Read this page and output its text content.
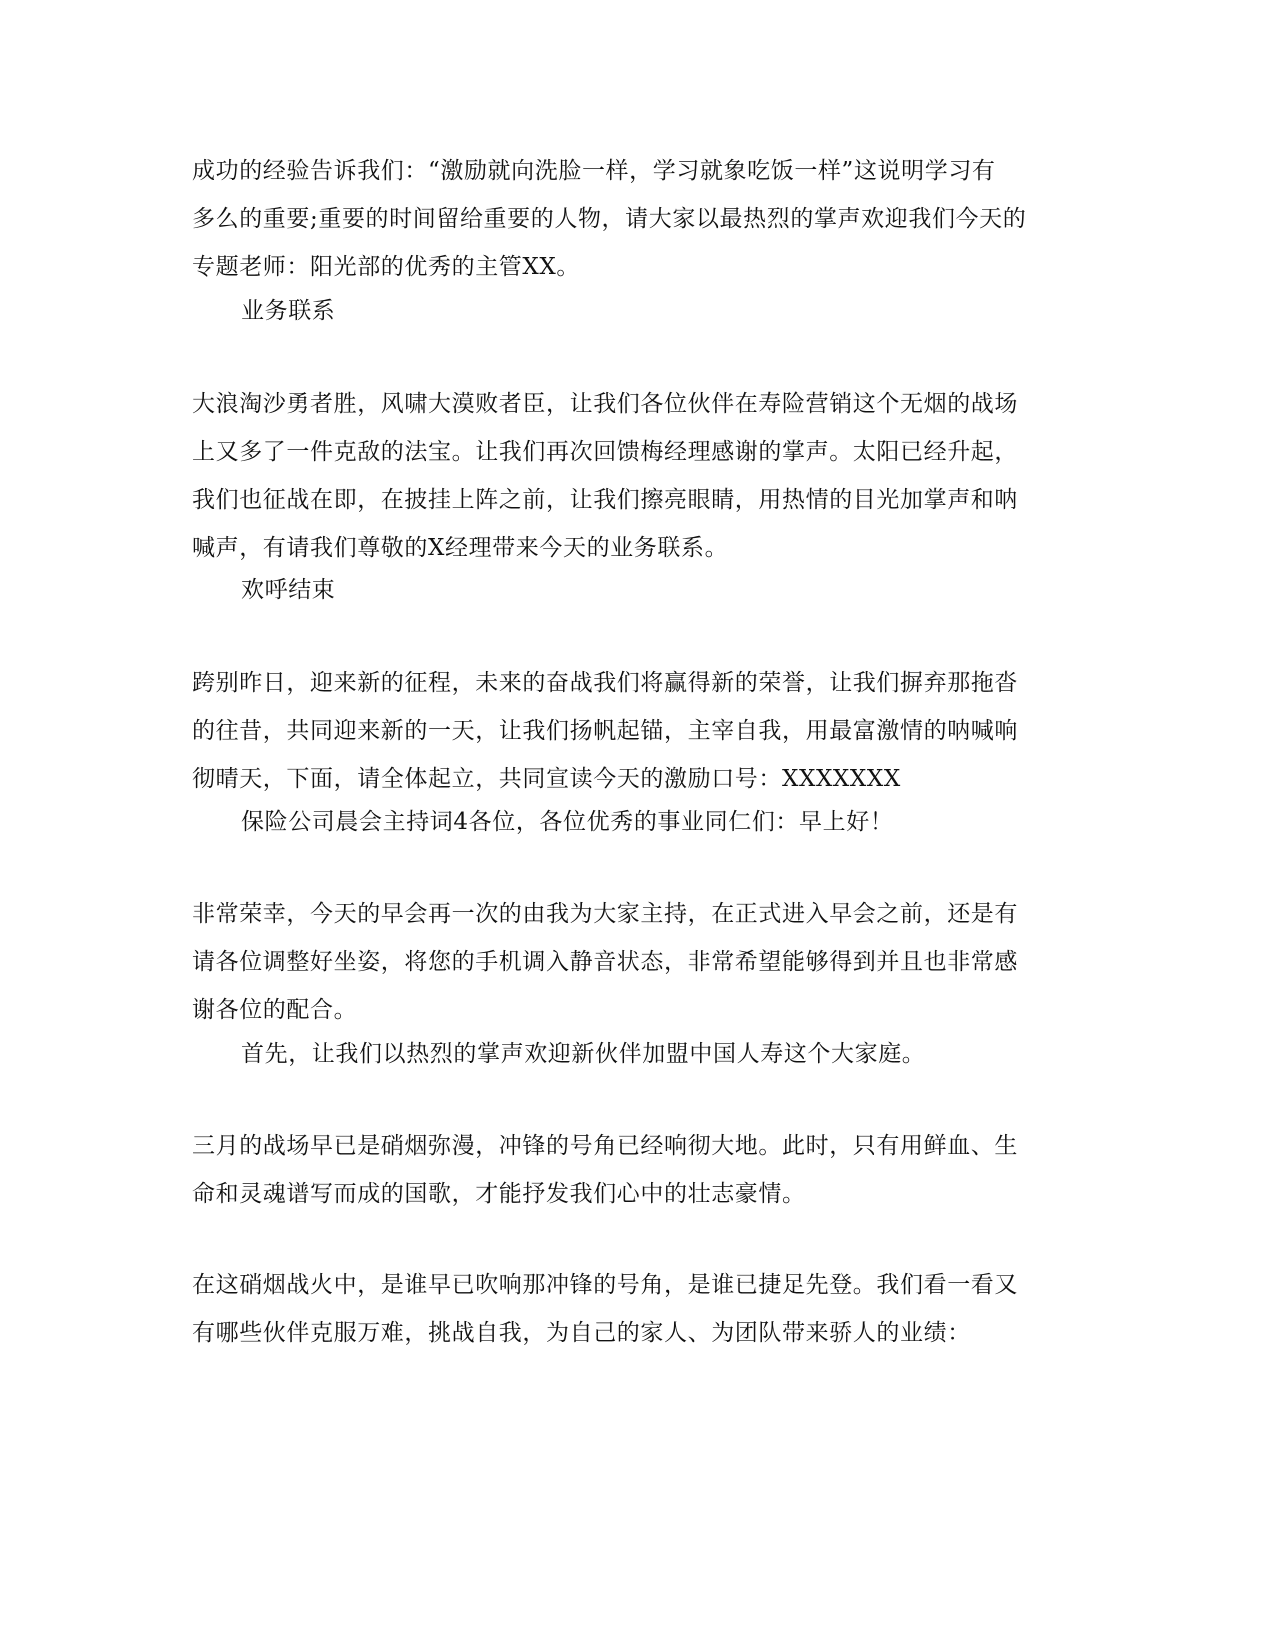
成功的经验告诉我们：“激励就向洗脸一样，学习就象吃饭一样”这说明学习有
多么的重要;重要的时间留给重要的人物，请大家以最热烈的掌声欢迎我们今天的
专题老师：阳光部的优秀的主管XX。

业务联系

大浪淘沙勇者胜，风啸大漠败者臣，让我们各位伙伴在寿险营销这个无烟的战场
上又多了一件克敌的法宝。让我们再次回馈梅经理感谢的掌声。太阳已经升起，
我们也征战在即，在披挂上阵之前，让我们擦亮眼睛，用热情的目光加掌声和呐
喊声，有请我们尊敬的X经理带来今天的业务联系。

欢呼结束

跨别昨日，迎来新的征程，未来的奋战我们将赢得新的荣誉，让我们摒弃那拖沓
的往昔，共同迎来新的一天，让我们扬帆起锚，主宰自我，用最富激情的呐喊响
彻晴天，下面，请全体起立，共同宣读今天的激励口号：XXXXXXX

保险公司晨会主持词4各位，各位优秀的事业同仁们：早上好！

非常荣幸，今天的早会再一次的由我为大家主持，在正式进入早会之前，还是有
请各位调整好坐姿，将您的手机调入静音状态，非常希望能够得到并且也非常感
谢各位的配合。

首先，让我们以热烈的掌声欢迎新伙伴加盟中国人寿这个大家庭。

三月的战场早已是硝烟弥漫，冲锋的号角已经响彻大地。此时，只有用鲜血、生
命和灵魂谱写而成的国歌，才能抒发我们心中的壮志豪情。

在这硝烟战火中，是谁早已吹响那冲锋的号角，是谁已捷足先登。我们看一看又
有哪些伙伴克服万难，挑战自我，为自己的家人、为团队带来骄人的业绩：
